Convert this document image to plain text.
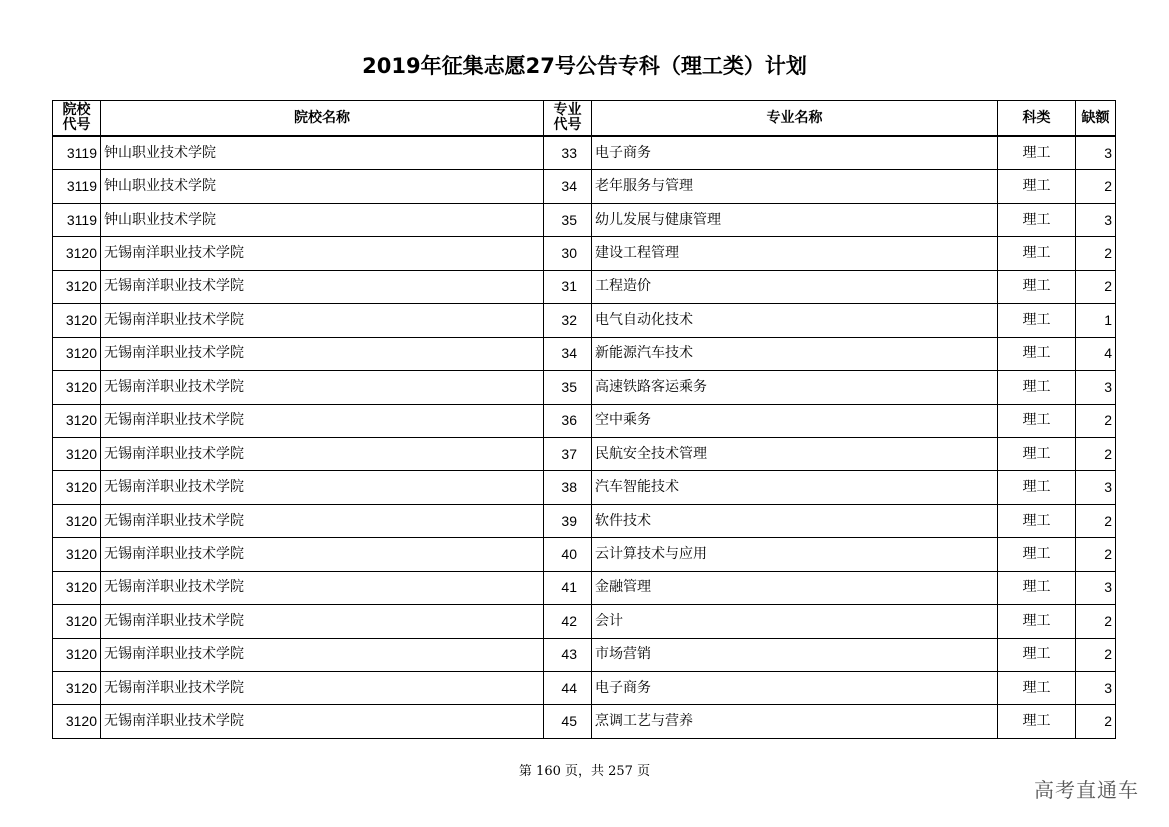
2019年征集志愿27号公告专科（理工类）计划
院校代号	院校名称	专业代号	专业名称	科类	缺额
3119	钟山职业技术学院	33	电子商务	理工	3
3119	钟山职业技术学院	34	老年服务与管理	理工	2
3119	钟山职业技术学院	35	幼儿发展与健康管理	理工	3
3120	无锡南洋职业技术学院	30	建设工程管理	理工	2
3120	无锡南洋职业技术学院	31	工程造价	理工	2
3120	无锡南洋职业技术学院	32	电气自动化技术	理工	1
3120	无锡南洋职业技术学院	34	新能源汽车技术	理工	4
3120	无锡南洋职业技术学院	35	高速铁路客运乘务	理工	3
3120	无锡南洋职业技术学院	36	空中乘务	理工	2
3120	无锡南洋职业技术学院	37	民航安全技术管理	理工	2
3120	无锡南洋职业技术学院	38	汽车智能技术	理工	3
3120	无锡南洋职业技术学院	39	软件技术	理工	2
3120	无锡南洋职业技术学院	40	云计算技术与应用	理工	2
3120	无锡南洋职业技术学院	41	金融管理	理工	3
3120	无锡南洋职业技术学院	42	会计	理工	2
3120	无锡南洋职业技术学院	43	市场营销	理工	2
3120	无锡南洋职业技术学院	44	电子商务	理工	3
3120	无锡南洋职业技术学院	45	烹调工艺与营养	理工	2
第 160 页，共 257 页
高考直通车
